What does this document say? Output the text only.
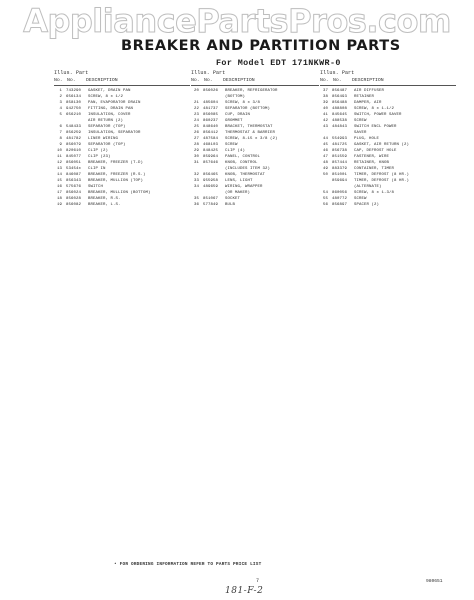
AppliancePartsPros.com
BREAKER AND PARTITION PARTS
For Model EDT 171NKWR-0
Illus. Part
No. No. DESCRIPTION
1	743290	GASKET, DRAIN PAN
2	656134	SCREW, 8 x 1/2
3	858130	PAN, EVAPORATOR DRAIN
4	942750	FITTING, DRAIN PAN
5	656210	INSULATION, COVER
AIR RETURN (2)
6	548433	SEPARATOR (TOP)
7	856259	INSULATION, SEPARATOR
8	481782	LINER WIRING
9	856079	SEPARATOR (TOP)
10	820610	CLIP (2)
11	845077	CLIP (23)
12	856051	BREAKER, FREEZER (T-D)
13	53454x	CLIP IN
14	846087	BREAKER, FREEZER (R.S.)
15	856343	BREAKER, MULLION (TOP)
16	575676	SWITCH
17	856024	BREAKER, MULLION (BOTTOM)
18	856028	BREAKER, R.S.
19	856082	BREAKER, L.S.
Illus. Part
No. No. DESCRIPTION
20	856026	BREAKER, REFRIGERATOR
(BOTTOM)
21	485604	SCREW, 8 x 3/8
22	481737	SEPARATOR (BOTTOM)
23	856085	CUP, DRAIN
24	860237	GROMMET
25	848640	BRACKET, THERMOSTAT
26	856412	THERMOSTAT & BARRIER
27	487584	SCREW, 8-15 x 3/8 (2)
28	468103	SCREW
29	848425	CLIP (4)
30	859964	PANEL, CONTROL
31	857646	KNOB, CONTROL
(INCLUDES ITEM 32)
32	856465	KNOB, THERMOSTAT
33	955958	LENS, LIGHT
34	489659	WIRING, WRAPPER
(OR MAKER)
35	851067	SOCKET
36	577849	BULB
Illus. Part
No. No. DESCRIPTION
37	856487	AIR DIFFUSER
38	856493	RETAINER
39	856488	DAMPER, AIR
40	488808	SCREW, 8 x 1-1/2
41	845645	SWITCH, POWER SAVER
42	488538	SCREW
43	484843	SWITCH ENCL POWER
SAVER
44	554993	PLUG, HOLE
45	481725	GASKET, AIR RETURN (2)
46	856738	CAP, DEFROST HOLE
47	851559	FASTENER, WIRE
48	857444	RETAINER, KNOB
49	883379	CONTAINER, TIMER
50	851001	TIMER, DEFROST (8 HR.)
859694	TIMER, DEFROST (8 HR.)
(ALTERNATE)
54	860056	SCREW, 8 x 1-3/8
55	480772	SCREW
56	856897	SPACER (2)
• FOR ORDERING INFORMATION REFER TO PARTS PRICE LIST
7	980651
181-F-2
